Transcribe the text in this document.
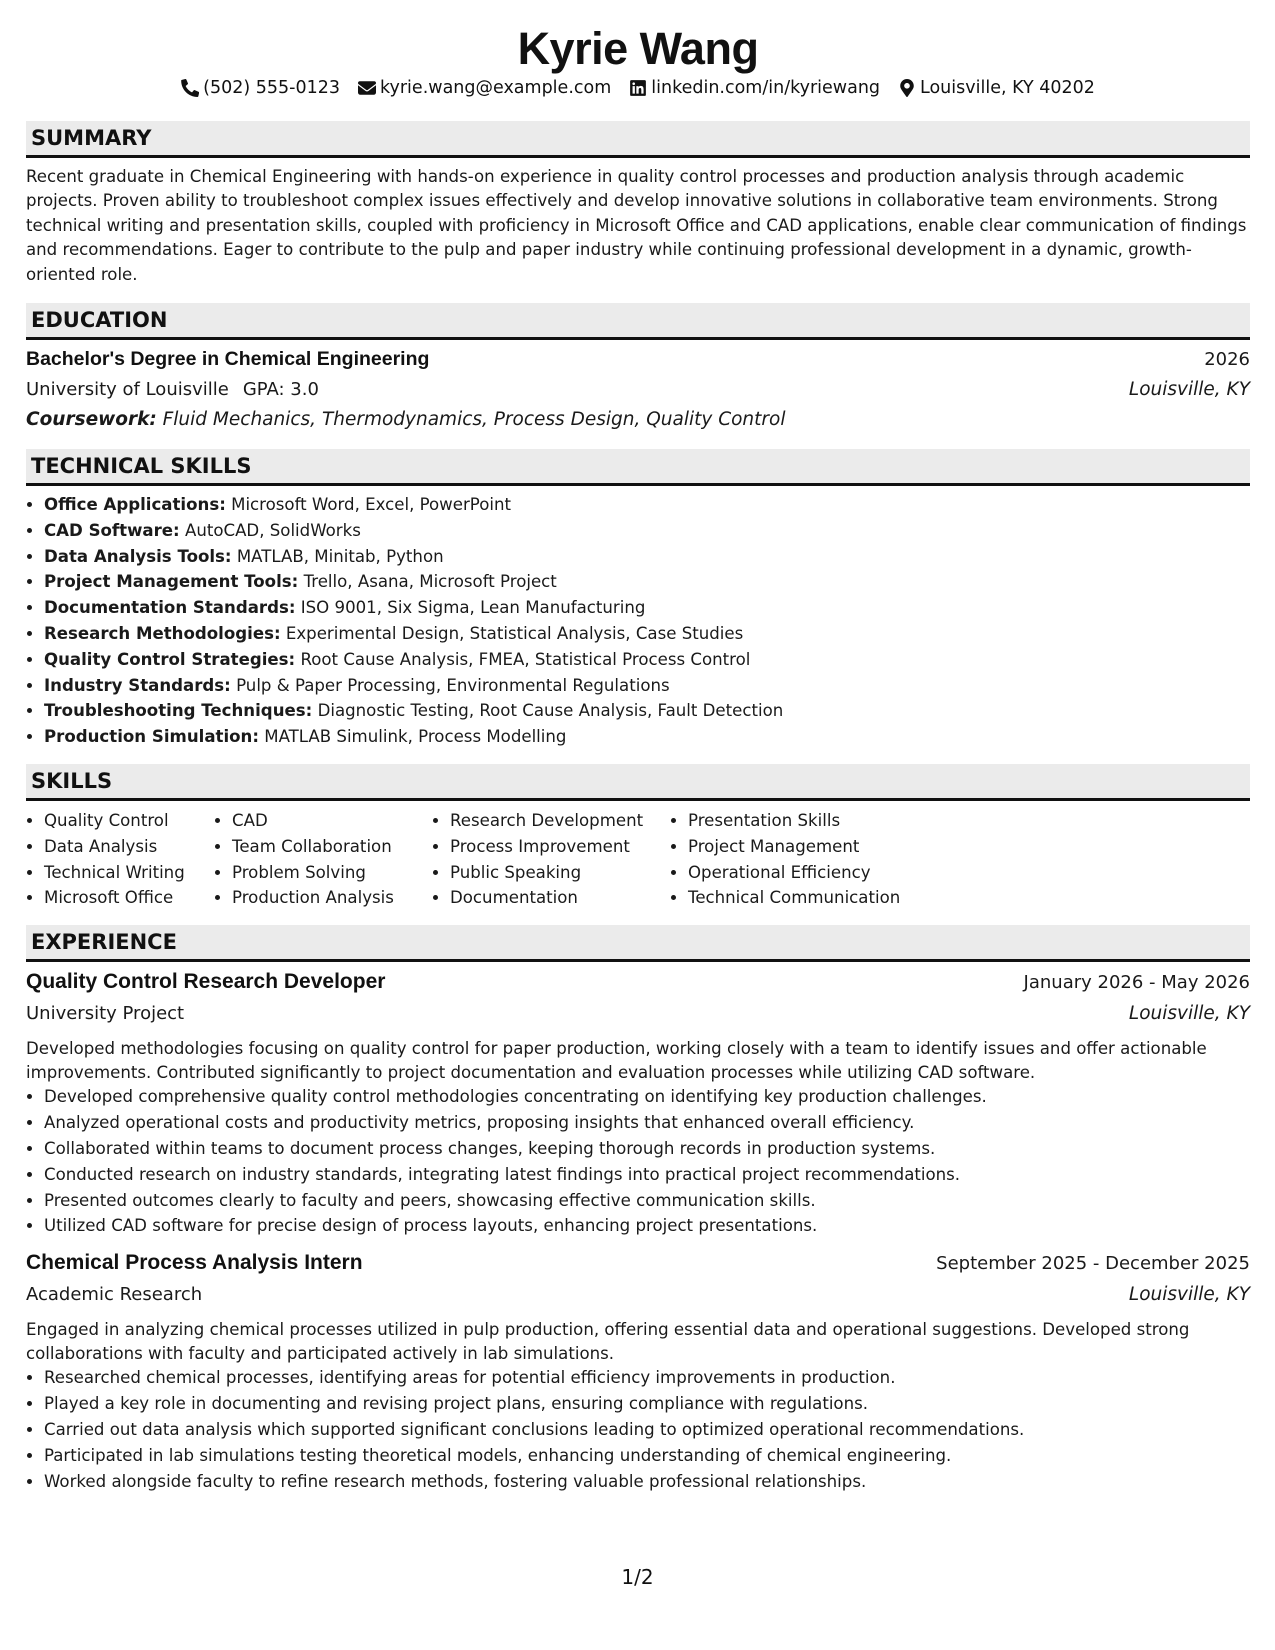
Kyrie Wang
(502) 555-0123 kyrie.wang@example.com linkedin.com/in/kyriewang Louisville, KY 40202
SUMMARY
Recent graduate in Chemical Engineering with hands-on experience in quality control processes and production analysis through academic projects. Proven ability to troubleshoot complex issues effectively and develop innovative solutions in collaborative team environments. Strong technical writing and presentation skills, coupled with proficiency in Microsoft Office and CAD applications, enable clear communication of findings and recommendations. Eager to contribute to the pulp and paper industry while continuing professional development in a dynamic, growth-oriented role.
EDUCATION
Bachelor's Degree in Chemical Engineering	2026
University of Louisville GPA: 3.0	Louisville, KY
Coursework: Fluid Mechanics, Thermodynamics, Process Design, Quality Control
TECHNICAL SKILLS
• Office Applications: Microsoft Word, Excel, PowerPoint
• CAD Software: AutoCAD, SolidWorks
• Data Analysis Tools: MATLAB, Minitab, Python
• Project Management Tools: Trello, Asana, Microsoft Project
• Documentation Standards: ISO 9001, Six Sigma, Lean Manufacturing
• Research Methodologies: Experimental Design, Statistical Analysis, Case Studies
• Quality Control Strategies: Root Cause Analysis, FMEA, Statistical Process Control
• Industry Standards: Pulp & Paper Processing, Environmental Regulations
• Troubleshooting Techniques: Diagnostic Testing, Root Cause Analysis, Fault Detection
• Production Simulation: MATLAB Simulink, Process Modelling
SKILLS
• Quality Control
• Data Analysis
• Technical Writing
• Microsoft Office
• CAD
• Team Collaboration
• Problem Solving
• Production Analysis
• Research Development
• Process Improvement
• Public Speaking
• Documentation
• Presentation Skills
• Project Management
• Operational Efficiency
• Technical Communication
EXPERIENCE
Quality Control Research Developer	January 2026 - May 2026
University Project	Louisville, KY
Developed methodologies focusing on quality control for paper production, working closely with a team to identify issues and offer actionable improvements. Contributed significantly to project documentation and evaluation processes while utilizing CAD software.
• Developed comprehensive quality control methodologies concentrating on identifying key production challenges.
• Analyzed operational costs and productivity metrics, proposing insights that enhanced overall efficiency.
• Collaborated within teams to document process changes, keeping thorough records in production systems.
• Conducted research on industry standards, integrating latest findings into practical project recommendations.
• Presented outcomes clearly to faculty and peers, showcasing effective communication skills.
• Utilized CAD software for precise design of process layouts, enhancing project presentations.
Chemical Process Analysis Intern	September 2025 - December 2025
Academic Research	Louisville, KY
Engaged in analyzing chemical processes utilized in pulp production, offering essential data and operational suggestions. Developed strong collaborations with faculty and participated actively in lab simulations.
• Researched chemical processes, identifying areas for potential efficiency improvements in production.
• Played a key role in documenting and revising project plans, ensuring compliance with regulations.
• Carried out data analysis which supported significant conclusions leading to optimized operational recommendations.
• Participated in lab simulations testing theoretical models, enhancing understanding of chemical engineering.
• Worked alongside faculty to refine research methods, fostering valuable professional relationships.
1/2
